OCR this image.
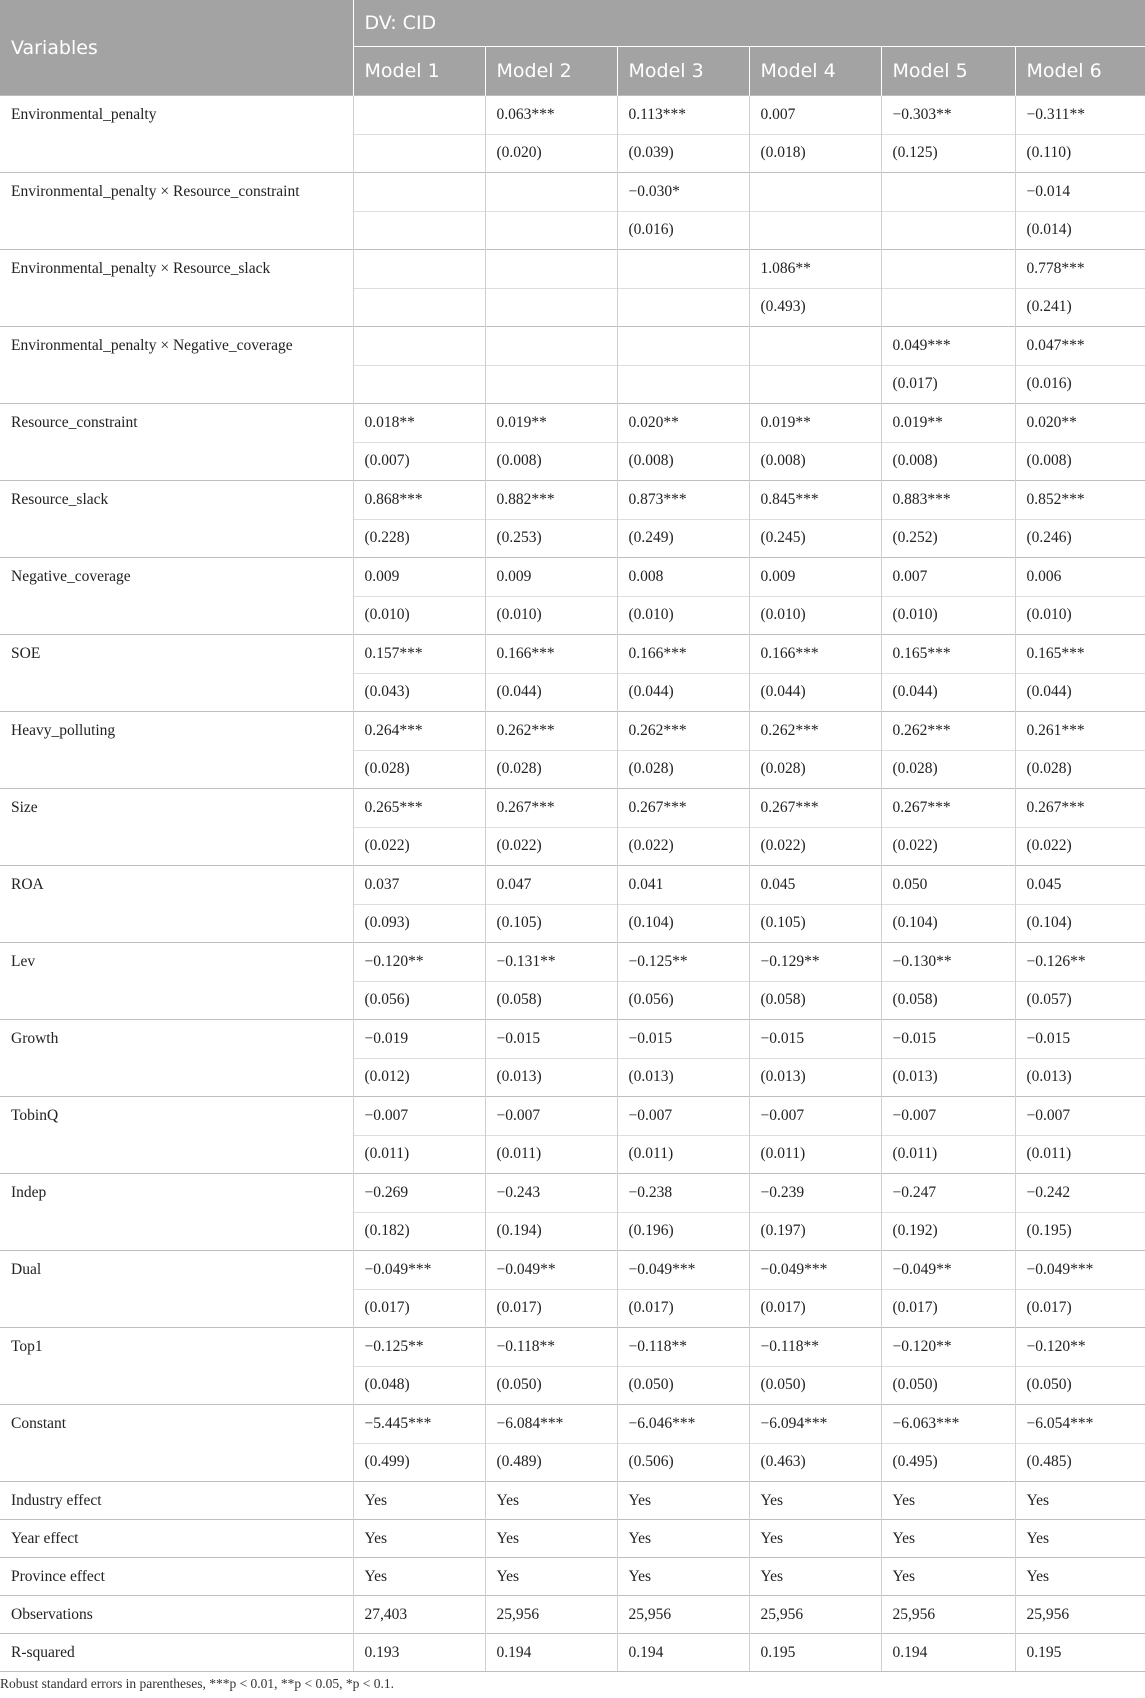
Variables	DV: CID					
	Model 1	Model 2	Model 3	Model 4	Model 5	Model 6
Environmental_penalty		0.063***	0.113***	0.007	−0.303**	−0.311**
		(0.020)	(0.039)	(0.018)	(0.125)	(0.110)
Environmental_penalty × Resource_constraint			−0.030*			−0.014
			(0.016)			(0.014)
Environmental_penalty × Resource_slack				1.086**		0.778***
				(0.493)		(0.241)
Environmental_penalty × Negative_coverage					0.049***	0.047***
					(0.017)	(0.016)
Resource_constraint	0.018**	0.019**	0.020**	0.019**	0.019**	0.020**
	(0.007)	(0.008)	(0.008)	(0.008)	(0.008)	(0.008)
Resource_slack	0.868***	0.882***	0.873***	0.845***	0.883***	0.852***
	(0.228)	(0.253)	(0.249)	(0.245)	(0.252)	(0.246)
Negative_coverage	0.009	0.009	0.008	0.009	0.007	0.006
	(0.010)	(0.010)	(0.010)	(0.010)	(0.010)	(0.010)
SOE	0.157***	0.166***	0.166***	0.166***	0.165***	0.165***
	(0.043)	(0.044)	(0.044)	(0.044)	(0.044)	(0.044)
Heavy_polluting	0.264***	0.262***	0.262***	0.262***	0.262***	0.261***
	(0.028)	(0.028)	(0.028)	(0.028)	(0.028)	(0.028)
Size	0.265***	0.267***	0.267***	0.267***	0.267***	0.267***
	(0.022)	(0.022)	(0.022)	(0.022)	(0.022)	(0.022)
ROA	0.037	0.047	0.041	0.045	0.050	0.045
	(0.093)	(0.105)	(0.104)	(0.105)	(0.104)	(0.104)
Lev	−0.120**	−0.131**	−0.125**	−0.129**	−0.130**	−0.126**
	(0.056)	(0.058)	(0.056)	(0.058)	(0.058)	(0.057)
Growth	−0.019	−0.015	−0.015	−0.015	−0.015	−0.015
	(0.012)	(0.013)	(0.013)	(0.013)	(0.013)	(0.013)
TobinQ	−0.007	−0.007	−0.007	−0.007	−0.007	−0.007
	(0.011)	(0.011)	(0.011)	(0.011)	(0.011)	(0.011)
Indep	−0.269	−0.243	−0.238	−0.239	−0.247	−0.242
	(0.182)	(0.194)	(0.196)	(0.197)	(0.192)	(0.195)
Dual	−0.049***	−0.049**	−0.049***	−0.049***	−0.049**	−0.049***
	(0.017)	(0.017)	(0.017)	(0.017)	(0.017)	(0.017)
Top1	−0.125**	−0.118**	−0.118**	−0.118**	−0.120**	−0.120**
	(0.048)	(0.050)	(0.050)	(0.050)	(0.050)	(0.050)
Constant	−5.445***	−6.084***	−6.046***	−6.094***	−6.063***	−6.054***
	(0.499)	(0.489)	(0.506)	(0.463)	(0.495)	(0.485)
Industry effect	Yes	Yes	Yes	Yes	Yes	Yes
Year effect	Yes	Yes	Yes	Yes	Yes	Yes
Province effect	Yes	Yes	Yes	Yes	Yes	Yes
Observations	27,403	25,956	25,956	25,956	25,956	25,956
R-squared	0.193	0.194	0.194	0.195	0.194	0.195
Robust standard errors in parentheses, ***p < 0.01, **p < 0.05, *p < 0.1.
